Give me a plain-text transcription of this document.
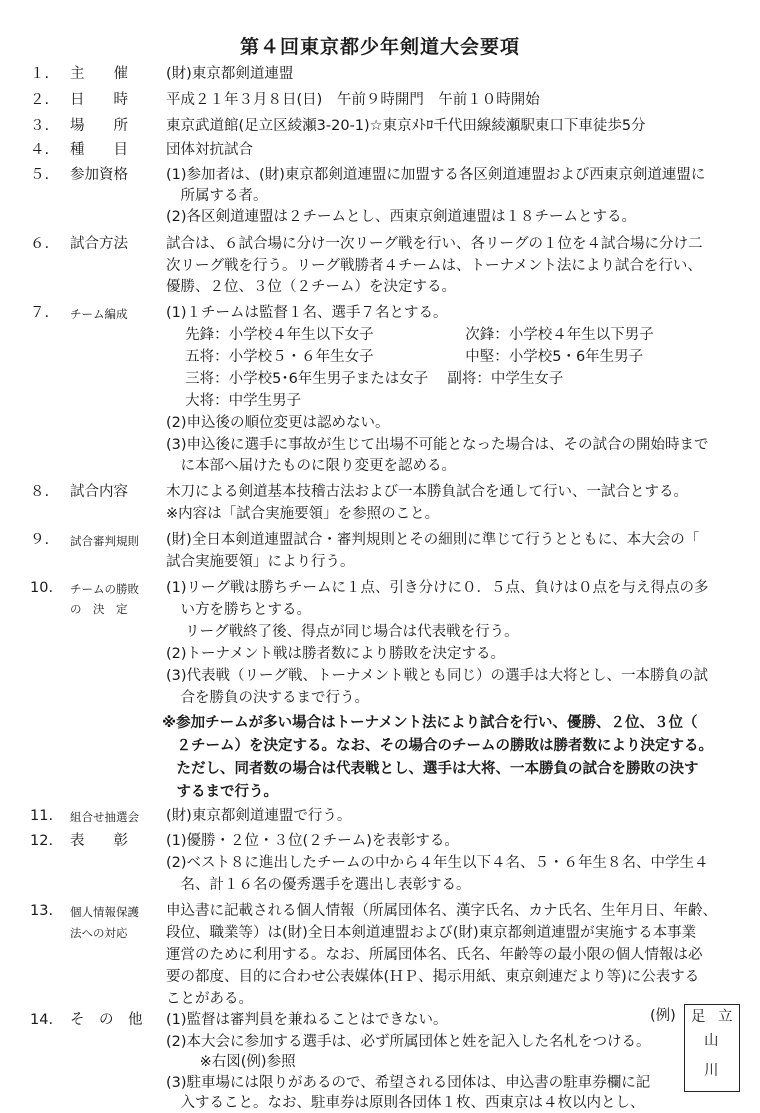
第４回東京都少年剣道大会要項
１. 主　　催	(財)東京都剣道連盟
２. 日　　時	平成２１年３月８日(日)　午前９時開門　午前１０時開始
３. 場　　所	東京武道館(足立区綾瀬3-20-1)☆東京ﾒﾄﾛ千代田線綾瀬駅東口下車徒歩5分
４. 種　　目	団体対抗試合
５. 参加資格	(1)参加者は、(財)東京都剣道連盟に加盟する各区剣道連盟および西東京剣道連盟に
　所属する者。
(2)各区剣道連盟は２チームとし、西東京剣道連盟は１８チームとする。
６. 試合方法	試合は、６試合場に分け一次リーグ戦を行い、各リーグの１位を４試合場に分け二
次リーグ戦を行う。リーグ戦勝者４チームは、トーナメント法により試合を行い、
優勝、２位、３位（２チーム）を決定する。
７. チーム編成	(1)１チームは監督１名、選手７名とする。
　 先鋒：小学校４年生以下女子　　　　　　 次鋒：小学校４年生以下男子
　 五将：小学校５・６年生女子　　　　　　 中堅：小学校5・6年生男子
　 三将：小学校5･6年生男子または女子　 副将：中学生女子
　 大将：中学生男子
(2)申込後の順位変更は認めない。
(3)申込後に選手に事故が生じて出場不可能となった場合は、その試合の開始時まで
　に本部へ届けたものに限り変更を認める。
８. 試合内容	木刀による剣道基本技稽古法および一本勝負試合を通して行い、一試合とする。
※内容は「試合実施要領」を参照のこと。
９. 試合審判規則 (財)全日本剣道連盟試合・審判規則とその細則に準じて行うとともに、本大会の「
試合実施要領」により行う。
10. チームの勝敗
の　決　定
(1)リーグ戦は勝ちチームに１点、引き分けに０．５点、負けは０点を与え得点の多
　い方を勝ちとする。
　 リーグ戦終了後、得点が同じ場合は代表戦を行う。
(2)トーナメント戦は勝者数により勝敗を決定する。
(3)代表戦（リーグ戦、トーナメント戦とも同じ）の選手は大将とし、一本勝負の試
　合を勝負の決するまで行う。
※参加チームが多い場合はトーナメント法により試合を行い、優勝、２位、３位（
　２チーム）を決定する。なお、その場合のチームの勝敗は勝者数により決定する。
　ただし、同者数の場合は代表戦とし、選手は大将、一本勝負の試合を勝敗の決す
　するまで行う。
11. 組合せ抽選会 (財)東京都剣道連盟で行う。
12. 表　　彰	(1)優勝・２位・３位(２チーム)を表彰する。
(2)ベスト８に進出したチームの中から４年生以下４名、５・６年生８名、中学生４
　名、計１６名の優秀選手を選出し表彰する。
13. 個人情報保護
法への対応
申込書に記載される個人情報（所属団体名、漢字氏名、カナ氏名、生年月日、年齢、
段位、職業等）は(財)全日本剣道連盟および(財)東京都剣道連盟が実施する本事業
運営のために利用する。なお、所属団体名、氏名、年齢等の最小限の個人情報は必
要の都度、目的に合わせ公表媒体(ＨＰ、掲示用紙、東京剣連だより等)に公表する
ことがある。
14. そ　の　他 (1)監督は審判員を兼ねることはできない。
(2)本大会に参加する選手は、必ず所属団体と姓を記入した名札をつける。
　　 ※右図(例)参照
(3)駐車場には限りがあるので、希望される団体は、申込書の駐車券欄に記
　入すること。なお、駐車券は原則各団体１枚、西東京は４枚以内とし、
(例) 足 立
山
川
